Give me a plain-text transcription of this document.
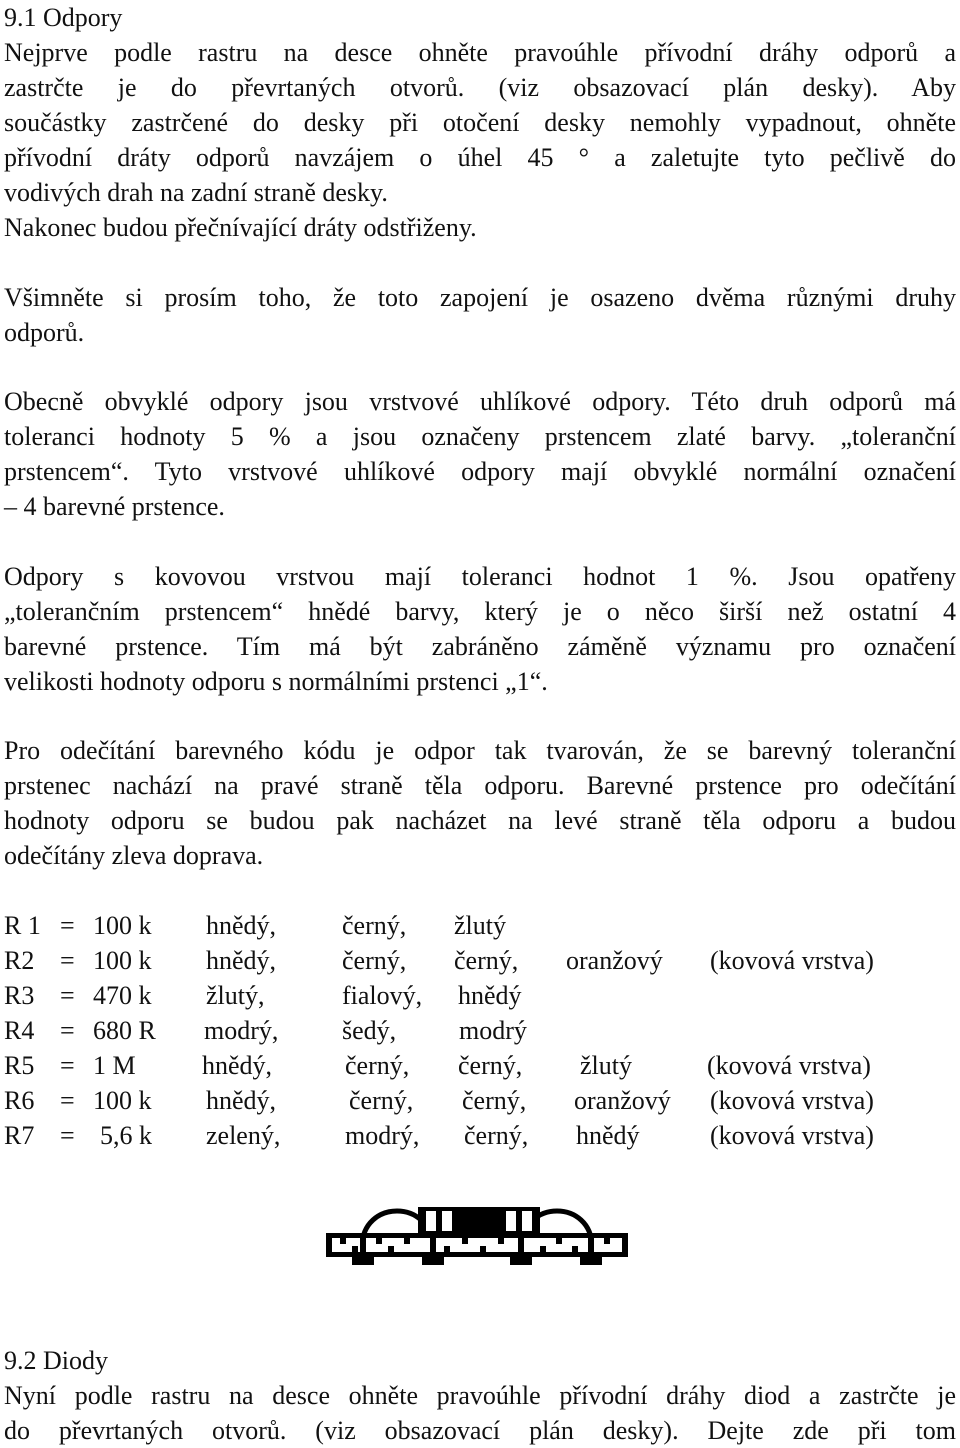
9.1 Odpory
Nejprve podle rastru na desce ohněte pravoúhle přívodní dráhy odporů a
zastrčte je do převrtaných otvorů. (viz obsazovací plán desky). Aby
součástky zastrčené do desky při otočení desky nemohly vypadnout, ohněte
přívodní dráty odporů navzájem o úhel 45 ° a zaletujte tyto pečlivě do
vodivých drah na zadní straně desky.
Nakonec budou přečnívající dráty odstřiženy.
Všimněte si prosím toho, že toto zapojení je osazeno dvěma různými druhy
odporů.
Obecně obvyklé odpory jsou vrstvové uhlíkové odpory. Této druh odporů má
toleranci hodnoty 5 % a jsou označeny prstencem zlaté barvy. „toleranční
prstencem“. Tyto vrstvové uhlíkové odpory mají obvyklé normální označení
– 4 barevné prstence.
Odpory s kovovou vrstvou mají toleranci hodnot 1 %. Jsou opatřeny
„tolerančním prstencem“ hnědé barvy, který je o něco širší než ostatní 4
barevné prstence. Tím má být zabráněno záměně významu pro označení
velikosti hodnoty odporu s normálními prstenci „1“.
Pro odečítání barevného kódu je odpor tak tvarován, že se barevný toleranční
prstenec nachází na pravé straně těla odporu. Barevné prstence pro odečítání
hodnoty odporu se budou pak nacházet na levé straně těla odporu a budou
odečítány zleva doprava.
R 1 = 100 k hnědý,	černý, žlutý
R2 = 100 k hnědý,	černý, černý, oranžový (kovová vrstva)
R3 = 470 k žlutý,	fialový, hnědý
R4 = 680 R modrý, šedý, modrý
R5 = 1 M	hnědý,	černý, černý, žlutý	(kovová vrstva)
R6 = 100 k hnědý,	černý, černý, oranžový (kovová vrstva)
R7 = 5,6 k zelený, modrý, černý, hnědý	(kovová vrstva)
9.2 Diody
Nyní podle rastru na desce ohněte pravoúhle přívodní dráhy diod a zastrčte je
do převrtaných otvorů. (viz obsazovací plán desky). Dejte zde při tom
